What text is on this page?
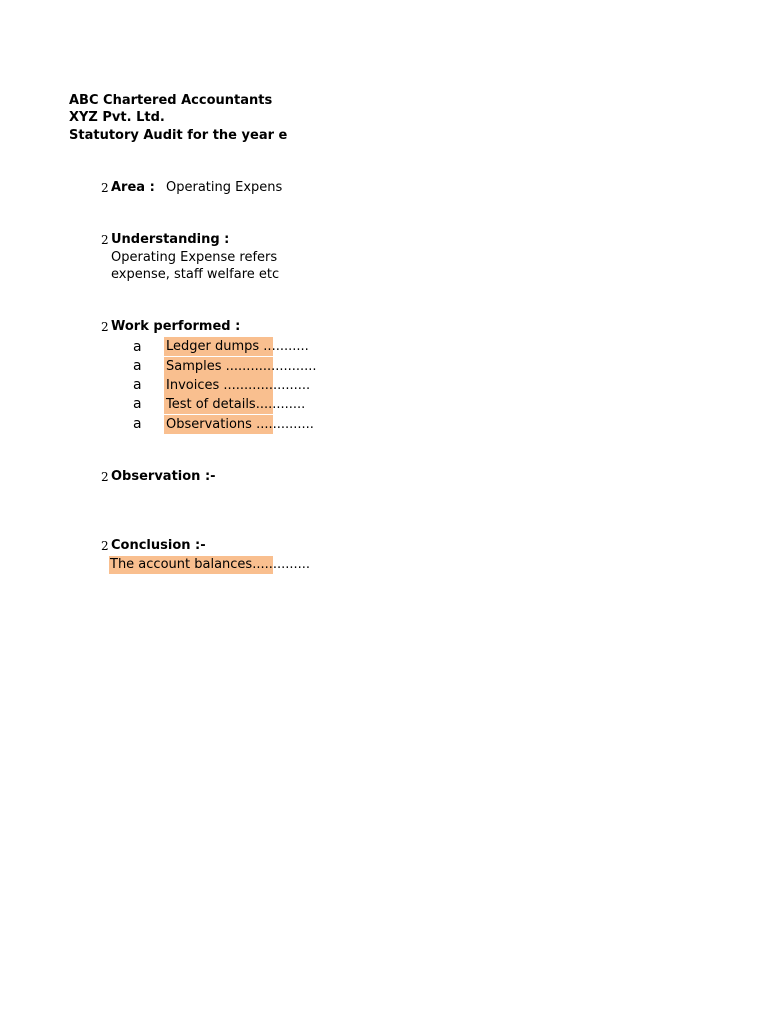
ABC Chartered Accountants
XYZ Pvt. Ltd.
Statutory Audit for the year e
2 Area : Operating Expens
2 Understanding :
Operating Expense refers
expense, staff welfare etc
2 Work performed :
a Ledger dumps ...........
a Samples ......................
a Invoices .....................
a Test of details............
a Observations ..............
2 Observation :-
2 Conclusion :-
The account balances..............
